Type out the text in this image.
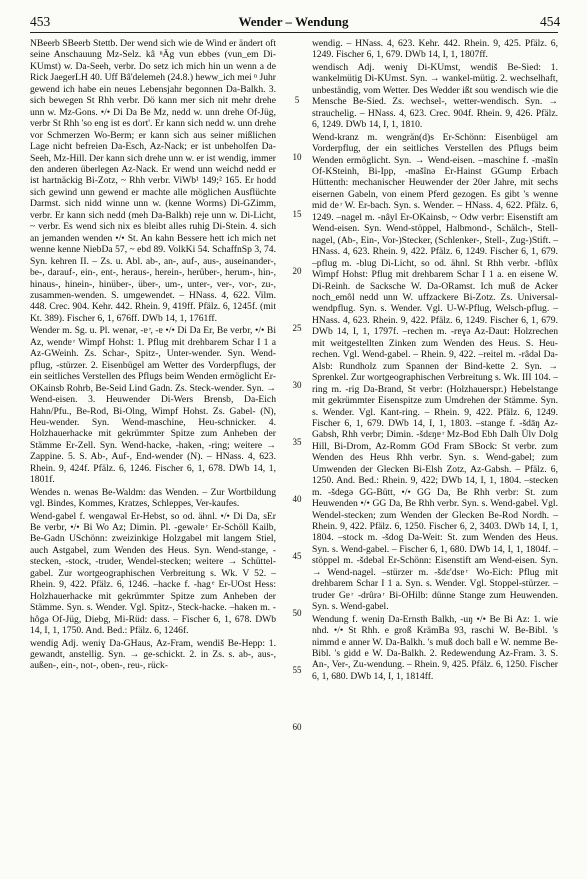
453	Wender – Wendung	454

NBeerb SBeerb Stettb. Der wend sich wie de Wind er ändert oft seine Anschauung Mz-Selz. kâ ⁿÄg vun ebbes (vun_em Di-KUmst) w. Da-Seeh, verbr. Do setz ich mich hin un wenn a de Rick JaegerLH 40. Uff Bâ'delemeh (24.8.) heww_ich mei ⁿ Juhr gewend ich habe ein neues Lebensjahr begonnen Da-Balkh. 3. sich bewegen St Rhh verbr. Dö kann mer sich nit mehr drehe unn w. Mz-Gons. •/• Di Da Be Mz, nedd w. unn drehe Of-Jüg, verbr St Rhh 'so eng ist es dort'. Er kann sich nedd w. unn drehe vor Schmerzen Wo-Berm; er kann sich aus seiner mißlichen Lage nicht befreien Da-Esch, Az-Nack; er ist unbeholfen Da-Seeh, Mz-Hill. Der kann sich drehe unn w. er ist wendig, immer den anderen überlegen Az-Nack. Er wend unn weichd nedd er ist hartnäckig Bi-Zotz, ~ Rhh verbr. ViWb¹ 149;² 165. Er hodd sich gewind unn gewend er machte alle möglichen Ausflüchte Darmst. sich nidd winne unn w. (kenne Worms) Di-GZimm, verbr. Er kann sich nedd (meh Da-Balkh) reje unn w. Di-Licht, ~ verbr. Es wend sich nix es bleibt alles ruhig Di-Stein. 4. sich an jemanden wenden •/• St. An kahn Bessere hett ich mich net wenne kenne NiebDa 57, ~ ebd 89. VolkKi 54. SchaffnSp 3, 74. Syn. kehren II. – Zs. u. Abl. ab-, an-, auf-, aus-, auseinander-, be-, darauf-, ein-, ent-, heraus-, herein-, herüber-, herum-, hin-, hinaus-, hinein-, hinüber-, über-, um-, unter-, ver-, vor-, zu-, zusammen-wenden. S. umgewendet. – HNass. 4, 622. Vilm. 448. Crec. 904. Kehr. 442. Rhein. 9, 419ff. Pfälz. 6, 1245f. (mit Kt. 389). Fischer 6, 1, 676ff. DWb 14, 1, 1761ff.

Wender m. Sg. u. Pl. wenər, -ɐ ͬ, -ɐ •/• Di Da Er, Be verbr, •/• Bi Az, wendɐ ͬ Wimpf Hohst: 1. Pflug mit drehbarem Schar I 1 a Az-GWeinh. Zs. Schar-, Spitz-, Unter-wender. Syn. Wend-pflug, -stürzer. 2. Eisenbügel am Wetter des Vorderpflugs, der ein seitliches Verstellen des Pflugs beim Wenden ermöglicht Er-OKainsb Rohrb, Be-Seid Lind Gadn. Zs. Steck-wender. Syn. → Wend-eisen. 3. Heuwender Di-Wers Brensb, Da-Eich Hahn/Pfu., Be-Rod, Bi-Olng, Wimpf Hohst. Zs. Gabel- (N), Heu-wender. Syn. Wend-maschine, Heu-schnicker. 4. Holzhauerhacke mit gekrümmter Spitze zum Anheben der Stämme Er-Zell. Syn. Wend-hacke, -haken, -ring; weitere → Zappine. 5. S. Ab-, Auf-, End-wender (N). – HNass. 4, 623. Rhein. 9, 424f. Pfälz. 6, 1246. Fischer 6, 1, 678. DWb 14, 1, 1801f.

Wendes n. wenəs Be-Waldm: das Wenden. – Zur Wortbildung vgl. Bindes, Kommes, Kratzes, Schleppes, Ver-kaufes.

Wend-gabel f. wengawəl Er-Hebst, so od. ähnl. •/• Di Da, sEr Be verbr, •/• Bi Wo Az; Dimin. Pl. -gewəlɐ ͬ Er-Schöll Kailb, Be-Gadn USchönn: zweizinkige Holzgabel mit langem Stiel, auch Astgabel, zum Wenden des Heus. Syn. Wend-stange, -stecken, -stock, -truder, Wendel-stecken; weitere → Schüttel-gabel. Zur wortgeographischen Verbreitung s. Wk. V 52. – Rhein. 9, 422. Pfälz. 6, 1246. –hacke f. -hag ͤ Er-UOst Hess: Holzhauerhacke mit gekrümmter Spitze zum Anheben der Stämme. Syn. s. Wender. Vgl. Spitz-, Steck-hacke. –haken m. -hôgə Of-Jüg, Diebg, Mi-Rüd: dass. – Fischer 6, 1, 678. DWb 14, I, 1, 1750. And. Bed.: Pfälz. 6, 1246f.

wendig Adj. weniɣ Da-GHaus, Az-Fram, wendiš Be-Hepp: 1. gewandt, anstellig. Syn. → ge-schickt. 2. in Zs. s. ab-, aus-, außen-, ein-, not-, oben-, reu-, rück-

5
10
15
20
25
30
35
40
45
50
55
60

wendig. – HNass. 4, 623. Kehr. 442. Rhein. 9, 425. Pfälz. 6, 1249. Fischer 6, 1, 679. DWb 14, I, 1, 1807ff.

wendisch Adj. weniɣ Di-KUmst, wendiš Be-Sied: 1. wankelmütig Di-KUmst. Syn. → wankel-mütig. 2. wechselhaft, unbeständig, vom Wetter. Des Wedder ißt sou wendisch wie die Mensche Be-Sied. Zs. wechsel-, wetter-wendisch. Syn. → strauchelig. – HNass. 4, 623. Crec. 904f. Rhein. 9, 426. Pfälz. 6, 1249. DWb 14, I, 1, 1810.

Wend-kranz m. wengrän(d)s Er-Schönn: Eisenbügel am Vorderpflug, der ein seitliches Verstellen des Pflugs beim Wenden ermöglicht. Syn. → Wend-eisen. –maschine f. -mašîn Of-KSteinh, Bi-Ipp, -mašînə Er-Hainst GGump Erbach Hüttenth: mechanischer Heuwender der 20er Jahre, mit sechs eisernen Gabeln, von einem Pferd gezogen. Es gibt 's wenne mid de ͬ W. Er-bach. Syn. s. Wender. – HNass. 4, 622. Pfälz. 6, 1249. –nagel m. -nâyl Er-OKainsb, ~ Odw verbr: Eisenstift am Wend-eisen. Syn. Wend-stöppel, Halbmond-, Schälch-, Stell-nagel, (Ab-, Ein-, Vor-)Stecker, (Schlenker-, Stell-, Zug-)Stift. – HNass. 4, 623. Rhein. 9, 422. Pfälz. 6, 1249. Fischer 6, 1, 679. –pflug m. -blug Di-Licht, so od. ähnl. St Rhh verbr. -bflûx Wimpf Hohst: Pflug mit drehbarem Schar I 1 a. en eisene W. Di-Reinh. de Sacksche W. Da-ORamst. Ich muß de Acker noch_emôl nedd unn W. uffzackere Bi-Zotz. Zs. Universal-wendpflug. Syn. s. Wender. Vgl. U-W-Pflug, Welsch-pflug. – HNass. 4, 623. Rhein. 9, 422. Pfälz. 6, 1249. Fischer 6, 1, 679. DWb 14, I, 1, 1797f. –rechen m. -rɐɣə Az-Daut: Holzrechen mit weitgestellten Zinken zum Wenden des Heus. S. Heu-rechen. Vgl. Wend-gabel. – Rhein. 9, 422. –reitel m. -râdəl Da-Alsb: Rundholz zum Spannen der Bind-kette 2. Syn. → Sprenkel. Zur wortgeographischen Verbreitung s. Wk. III 104. –ring m. -rig Da-Brand, St verbr: (Holzhauerspr.) Hebelstange mit gekrümmter Eisenspitze zum Umdrehen der Stämme. Syn. s. Wender. Vgl. Kant-ring. – Rhein. 9, 422. Pfälz. 6, 1249. Fischer 6, 1, 679. DWb 14, I, 1, 1803. –stange f. -šdāŋ Az-Gabsh, Rhh verbr; Dimin. -šdɛŋɐ ͬ Mz-Bod Ebh Dalh Ülv Dolg Hill, Bi-Drom, Az-Romm GOd Fram SBock: St verbr. zum Wenden des Heus Rhh verbr. Syn. s. Wend-gabel; zum Umwenden der Glecken Bi-Elsh Zotz, Az-Gabsh. – Pfälz. 6, 1250. And. Bed.: Rhein. 9, 422; DWb 14, I, 1, 1804. –stecken m. -šdegə GG-Bütt, •/• GG Da, Be Rhh verbr: St. zum Heuwenden •/• GG Da, Be Rhh verbr. Syn. s. Wend-gabel. Vgl. Wendel-stecken; zum Wenden der Glecken Be-Rod Nordh. – Rhein. 9, 422. Pfälz. 6, 1250. Fischer 6, 2, 3403. DWb 14, I, 1, 1804. –stock m. -šdog Da-Weit: St. zum Wenden des Heus. Syn. s. Wend-gabel. – Fischer 6, 1, 680. DWb 14, I, 1, 1804f. –stöppel m. -šdebəl Er-Schönn: Eisenstift am Wend-eisen. Syn. → Wend-nagel. –stürzer m. -šdɛ'dsɐ ͬ Wo-Eich: Pflug mit drehbarem Schar I 1 a. Syn. s. Wender. Vgl. Stoppel-stürzer. –truder Gɐ ͬ -drûrə ͬ Bi-OHilb: dünne Stange zum Heuwenden. Syn. s. Wend-gabel.

Wendung f. weniŋ Da-Ernsth Balkh, -uŋ •/• Be Bi Az: 1. wie nhd. •/• St Rhh. e groß KrämBa 93, raschi W. Be-Bibl. 's nimmd e anner W. Da-Balkh. 's muß doch ball e W. nemme Be-Bibl. 's gidd e W. Da-Balkh. 2. Redewendung Az-Fram. 3. S. An-, Ver-, Zu-wendung. – Rhein. 9, 425. Pfälz. 6, 1250. Fischer 6, 1, 680. DWb 14, I, 1, 1814ff.
